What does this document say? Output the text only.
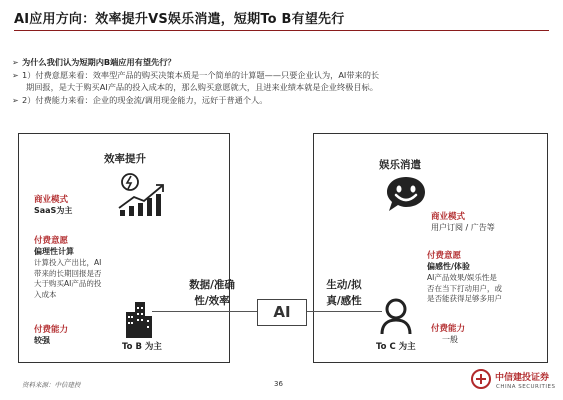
AI应用方向：效率提升VS娱乐消遣，短期To B有望先行
➢ 为什么我们认为短期内B端应用有望先行？
➢ 1）付费意愿来看：效率型产品的购买决策本质是一个简单的计算题——只要企业认为，AI带来的长
期回报，是大于购买AI产品的投入成本的，那么购买意愿就大，且进来业绩本就是企业终极目标。
➢ 2）付费能力来看：企业的现金流/调用现金能力，远好于普通个人。
效率提升
商业模式
SaaS为主
付费意愿
偏理性计算
计算投入产出比，AI
带来的长期回报是否
大于购买AI产品的投
入成本
付费能力
较强
To B 为主
数据/准确
性/效率
AI
生动/拟
真/感性
娱乐消遣
商业模式
用户订阅 / 广告等
付费意愿
偏感性/体验
AI产品效果/娱乐性是
否在当下打动用户，或
是否能获得足够多用户
付费能力
一般
To C 为主
资料来源：中信建投	36
中信建投证券
CHINA SECURITIES
